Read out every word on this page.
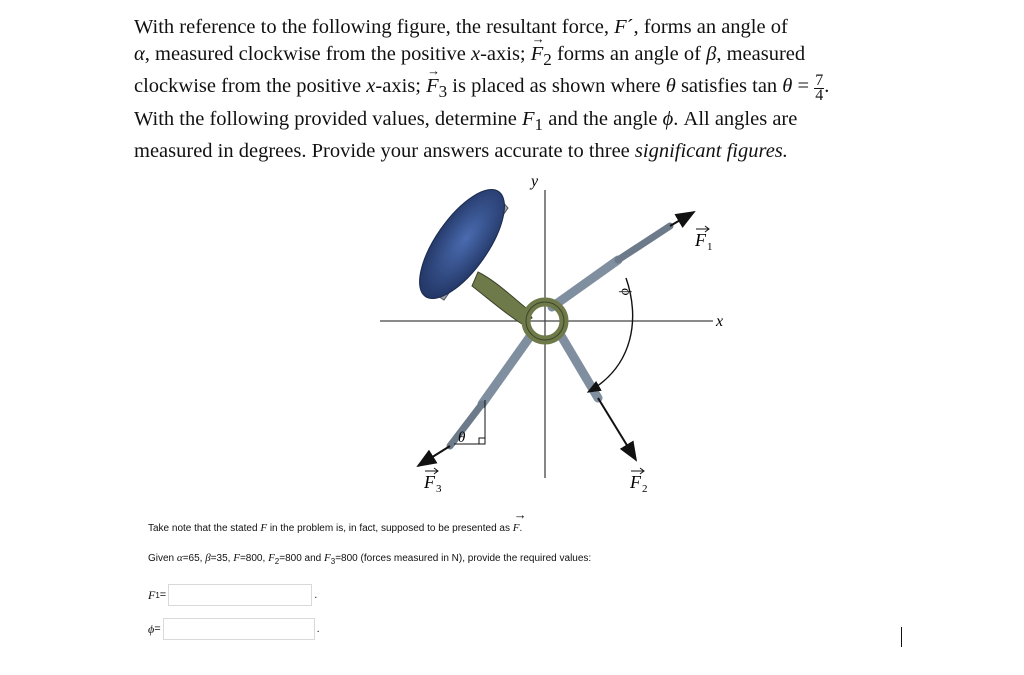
With reference to the following figure, the resultant force, F´, forms an angle of

α, measured clockwise from the positive x-axis; → $F_2$ forms an angle of β, measured

clockwise from the positive x-axis; → $F_3$ is placed as shown where θ satisfies $\tan \theta = \frac{7}{4}$ .

With the following provided values, determine $F_1$ and the angle ϕ. All angles are

measured in degrees. Provide your answers accurate to three significant figures.

y
x
θ
ϕ
F 1
F 2
F 3
Take note that the stated F in the problem is, in fact, supposed to be presented as → F.
Given α=65, β=35, F=800, $F_2=800$ and $F_3=800$ (forces measured in N), provide the required values:
F 1 =	.
ϕ =	.
